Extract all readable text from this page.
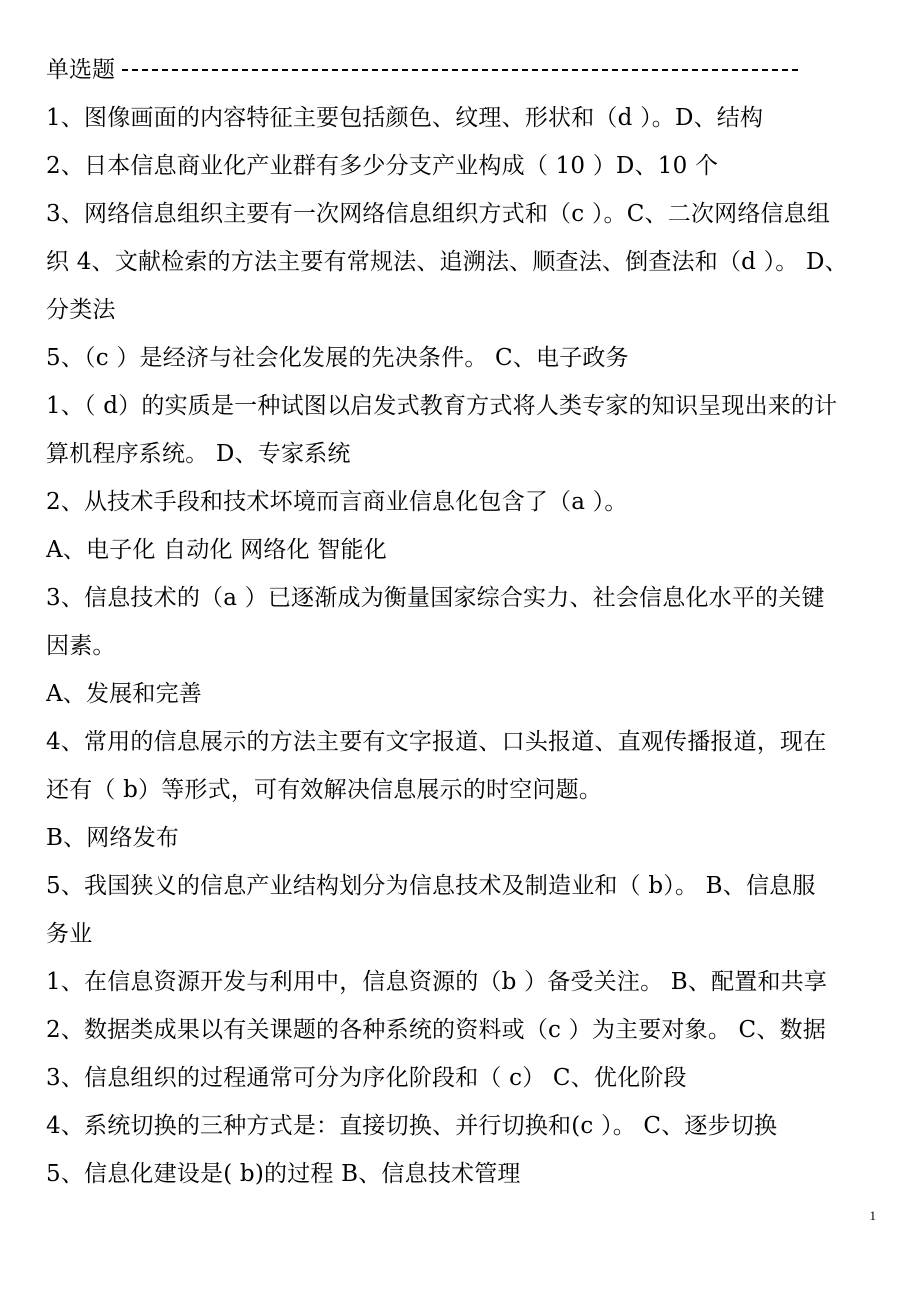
单选题
1、图像画面的内容特征主要包括颜色、纹理、形状和（d ）。D、结构
2、日本信息商业化产业群有多少分支产业构成（ 10 ）D、10 个
3、网络信息组织主要有一次网络信息组织方式和（c ）。C、二次网络信息组
织 4、文献检索的方法主要有常规法、追溯法、顺查法、倒查法和（d ）。 D、
分类法
5、（c ）是经济与社会化发展的先决条件。 C、电子政务
1、（ d）的实质是一种试图以启发式教育方式将人类专家的知识呈现出来的计
算机程序系统。 D、专家系统
2、从技术手段和技术坏境而言商业信息化包含了（a ）。
A、电子化 自动化 网络化 智能化
3、信息技术的（a ）已逐渐成为衡量国家综合实力、社会信息化水平的关键
因素。
A、发展和完善
4、常用的信息展示的方法主要有文字报道、口头报道、直观传播报道，现在
还有（ b）等形式，可有效解决信息展示的时空问题。
B、网络发布
5、我国狭义的信息产业结构划分为信息技术及制造业和（ b）。 B、信息服
务业
1、在信息资源开发与利用中，信息资源的（b ）备受关注。 B、配置和共享
2、数据类成果以有关课题的各种系统的资料或（c ）为主要对象。 C、数据
3、信息组织的过程通常可分为序化阶段和（ c） C、优化阶段
4、系统切换的三种方式是：直接切换、并行切换和(c ）。 C、逐步切换
5、信息化建设是( b)的过程 B、信息技术管理
1
